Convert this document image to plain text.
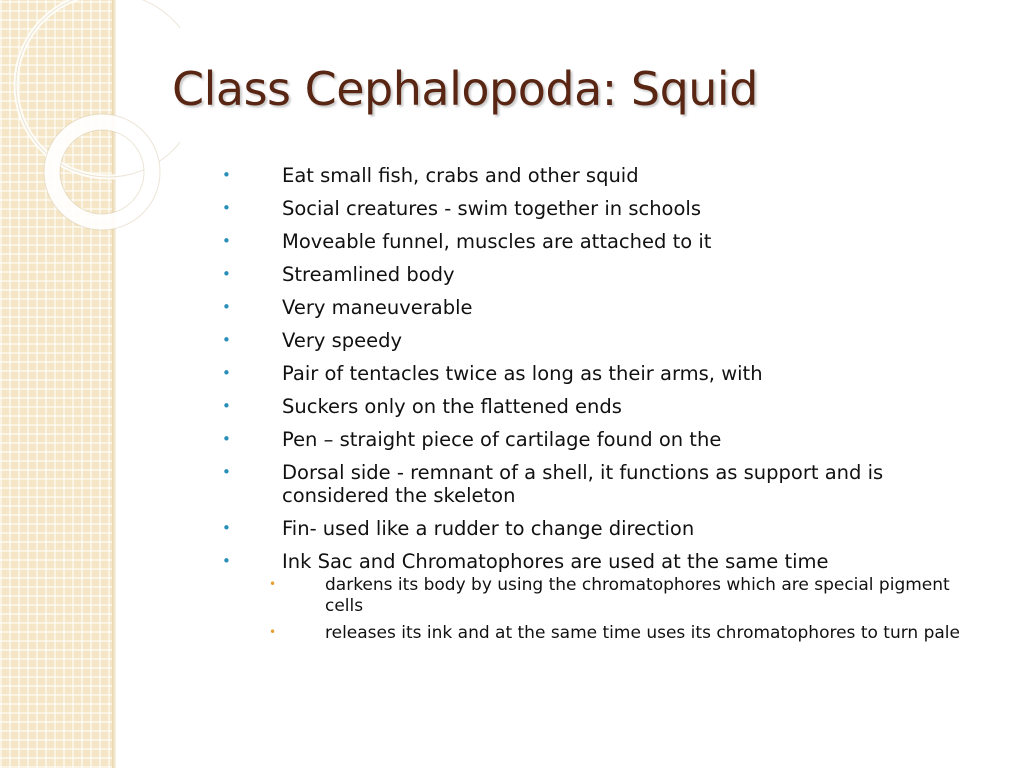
Class Cephalopoda: Squid
•	Eat small fish, crabs and other squid
•	Social creatures - swim together in schools
•	Moveable funnel, muscles are attached to it
•	Streamlined body
•	Very maneuverable
•	Very speedy
•	Pair of tentacles twice as long as their arms, with
•	Suckers only on the flattened ends
•	Pen – straight piece of cartilage found on the
•	Dorsal side - remnant of a shell, it functions as support and is considered the skeleton
•	Fin- used like a rudder to change direction
•	Ink Sac and Chromatophores are used at the same time
•	darkens its body by using the chromatophores which are special pigment cells
•	releases its ink and at the same time uses its chromatophores to turn pale
